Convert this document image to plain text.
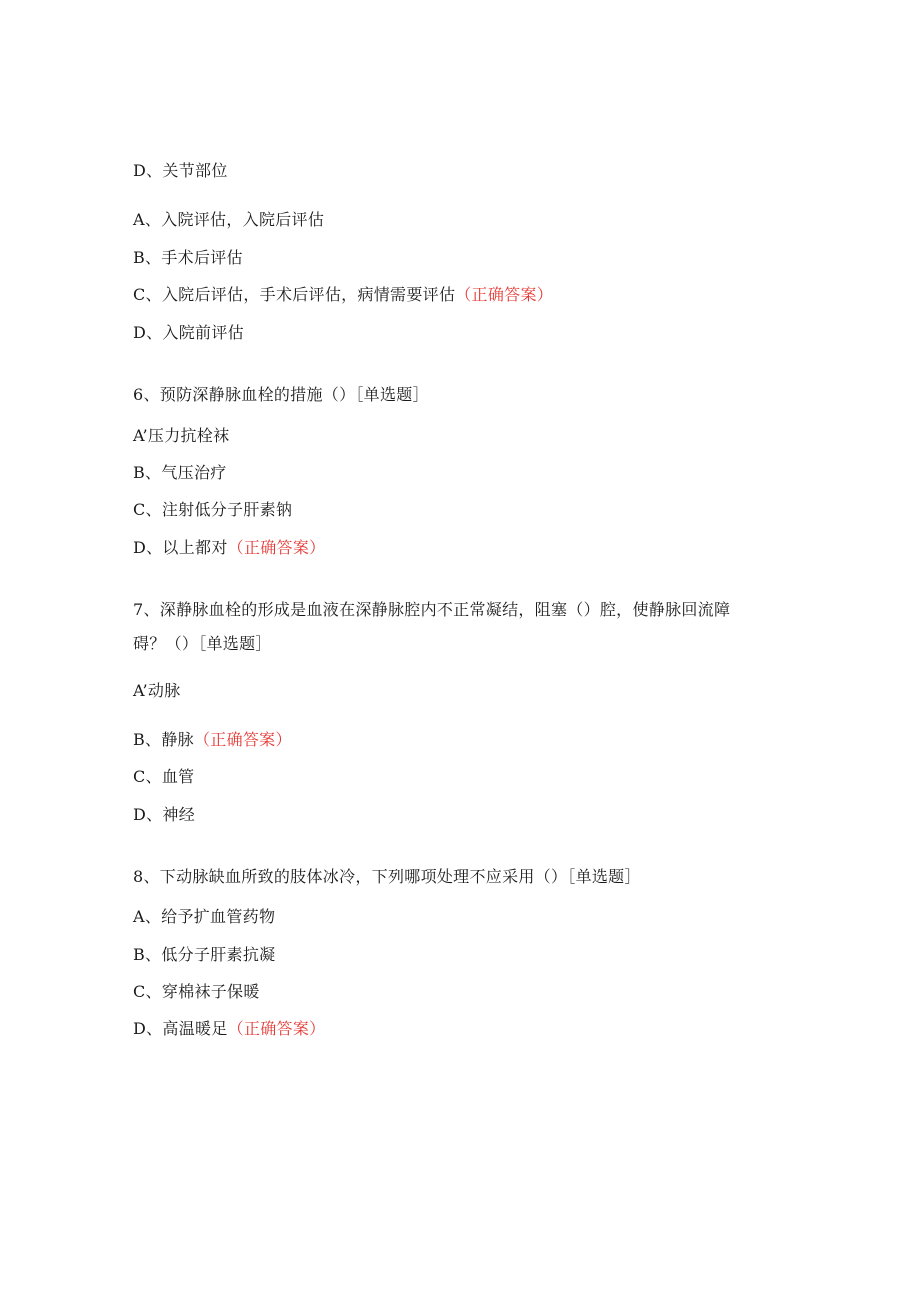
D、关节部位
A、入院评估，入院后评估
B、手术后评估
C、入院后评估，手术后评估，病情需要评估（正确答案）
D、入院前评估
6、预防深静脉血栓的措施（）［单选题］
A’压力抗栓袜
B、气压治疗
C、注射低分子肝素钠
D、以上都对（正确答案）
7、深静脉血栓的形成是血液在深静脉腔内不正常凝结，阻塞（）腔，使静脉回流障
碍？（）［单选题］
A’动脉
B、静脉（正确答案）
C、血管
D、神经
8、下动脉缺血所致的肢体冰冷，下列哪项处理不应采用（）［单选题］
A、给予扩血管药物
B、低分子肝素抗凝
C、穿棉袜子保暖
D、高温暖足（正确答案）
